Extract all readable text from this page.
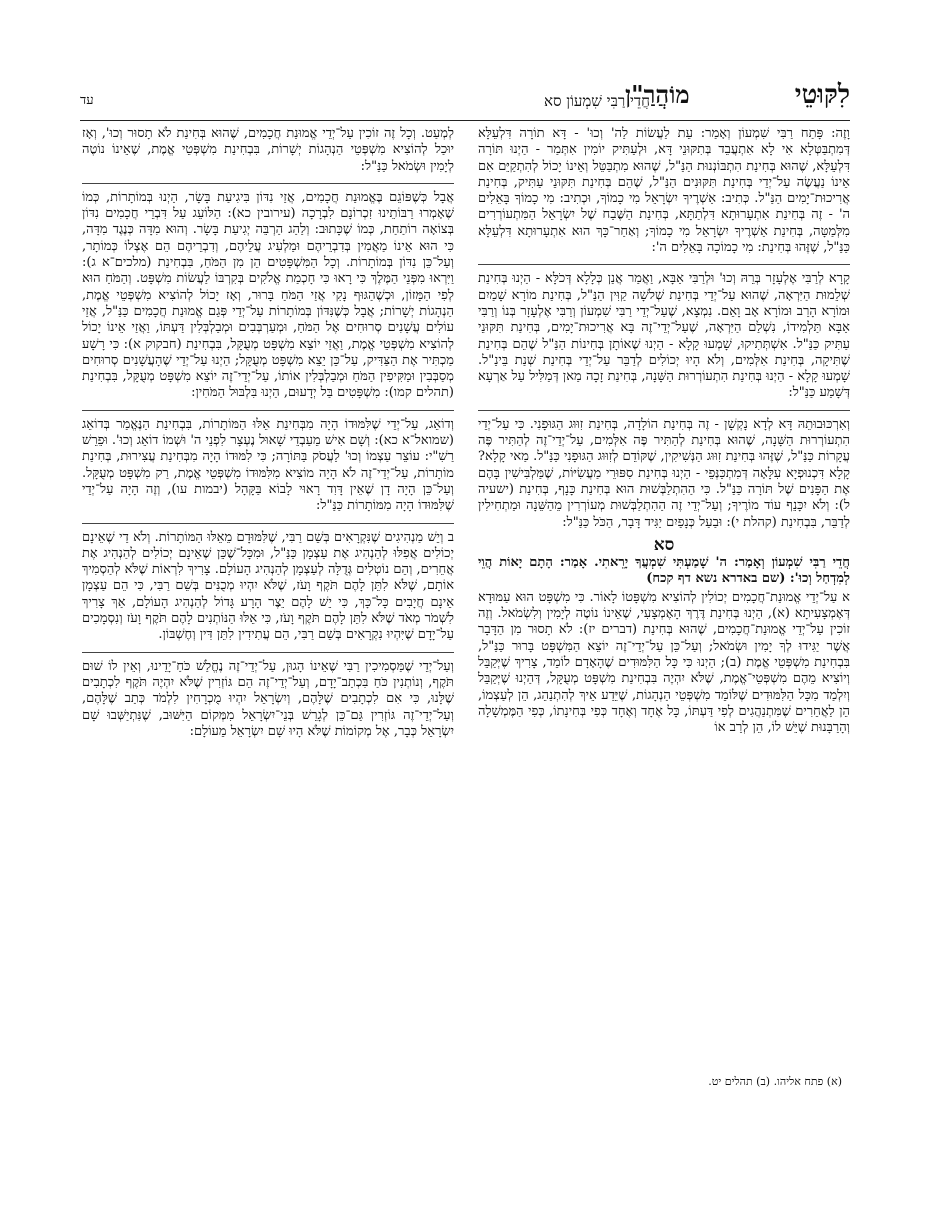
לִקּוּטֵי
חֲדֵי רַבִּי שִׁמְעוֹן סא
מוֹהֲרַ"ן
עד

וָזֶה: פָּתַח רַבִּי שִׁמְעוֹן וְאָמַר: עֵת לַעֲשׂוֹת לַה' וְכוּ' - דָּא תוֹרָה דִּלְעֵלָּא דְּמִתְבַּטְּלָא אִי לָא אִתְעֲבֵד בְּתִקּוּנֵי דָּא, וּלְעַתִּיק יוֹמִין אִתְּמַר - הַיְנוּ תּוֹרָה דִּלְעֵלָּא, שֶׁהוּא בְּחִינַת הִתְבּוֹנְנוּת הַנַּ"ל, שֶׁהוּא מִתְבַּטֵּל וְאֵינוֹ יָכוֹל לְהִתְקַיֵּם אִם אֵינוֹ נַעֲשֶׂה עַל־יְדֵי בְּחִינַת תִּקּוּנִים הַנַּ"ל, שֶׁהֵם בְּחִינַת תִּקּוּנֵי עַתִּיק, בְּחִינַת אֲרִיכוּת־יָמִים הַנַּ"ל. כְּתִיב: אַשְׁרֶיךָ יִשְׂרָאֵל מִי כָמוֹךָ, וּכְתִיב: מִי כָמוֹךָ בָּאֵלִים ה' - זֶה בְּחִינַת אִתְעָרוּתָא דִּלְתַתָּא, בְּחִינַת הַשֶּׁבַח שֶׁל יִשְׂרָאֵל הַמִּתְעוֹרְרִים מִלְּמַטָּה, בְּחִינַת אַשְׁרֶיךָ יִשְׂרָאֵל מִי כָמוֹךָ; וְאַחַר־כָּךְ הוּא אִתְעָרוּתָא דִּלְעֵלָּא כַּנַּ"ל, שֶׁזֶּהוּ בְּחִינַת: מִי כָמוֹכָה בָּאֵלִים ה':

קָרָא לְרַבִּי אֶלְעָזָר בְּרֵהּ וְכוּ' וּלְרַבִּי אַבָּא, וַאֲמַר אֲנַן כְּלָלָא דְּכֹלָּא - הַיְנוּ בְּחִינַת שְׁלֵמוּת הַיִּרְאָה, שֶׁהוּא עַל־יְדֵי בְּחִינַת שְׁלֹשָׁה קַוִּין הַנַּ"ל, בְּחִינַת מוֹרָא שָׁמַיִם וּמוֹרָא הָרַב וּמוֹרָא אָב וָאֵם. נִמְצָא, שֶׁעַל־יְדֵי רַבִּי שִׁמְעוֹן וְרַבִּי אֶלְעָזָר בְּנוֹ וְרַבִּי אַבָּא תַּלְמִידוֹ, נִשְׁלַם הַיִּרְאָה, שֶׁעַל־יְדֵי־זֶה בָּא אֲרִיכוּת־יָמִים, בְּחִינַת תִּקּוּנֵי עַתִּיק כַּנַּ"ל. אִשְׁתְּתִיקוּ, שָׁמְעוּ קָלָא - הַיְנוּ שֶׁאוֹתָן בְּחִינוֹת הַנַּ"ל שֶׁהֵם בְּחִינַת שֶׁתִּיקָה, בְּחִינַת אִלְּמִים, וְלֹא הָיוּ יְכוֹלִים לְדַבֵּר עַל־יְדֵי בְּחִינַת שְׁנַת בֵּינַ"ל. שָׁמְעוּ קָלָא - הַיְנוּ בְּחִינַת הִתְעוֹרְרוּת הַשָּׁנָה, בְּחִינַת זָכָה מַאן דְּמַלִּיל עַל אַרְעָא דְּשָׁמַע כַּנַּ"ל:

וְאִרְכּוּבוּתֵהּ דָּא לְדָא נָקְשָׁן - זֶה בְּחִינַת הוֹלָדָה, בְּחִינַת זִוּוּג הַגּוּפָנִי. כִּי עַל־יְדֵי הִתְעוֹרְרוּת הַשָּׁנָה, שֶׁהוּא בְּחִינַת לְהַתִּיר פֶּה אִלְּמִים, עַל־יְדֵי־זֶה לְהַתִּיר פֶּה עֲקָרוֹת כַּנַּ"ל, שֶׁזֶּהוּ בְּחִינַת זִוּוּג הַנְּשִׁיקִין, שֶׁקּוֹדֵם לְזִוּוּג הַגּוּפָנִי כַּנַּ"ל. מַאי קָלָא? קָלָא דִּכְנוּפְיָא עִלָּאָה דְּמִתְכַּנְּפֵי - הַיְנוּ בְּחִינַת סִפּוּרֵי מַעֲשִׂיּוֹת, שֶׁמַּלְבִּישִׁין בָּהֶם אֶת הַפָּנִים שֶׁל תּוֹרָה כַּנַּ"ל. כִּי הַהִתְלַבְּשׁוּת הוּא בְּחִינַת כָּנָף, בְּחִינַת (ישעיה ל): וְלֹא יִכָּנֵף עוֹד מוֹרֶיךָ; וְעַל־יְדֵי זֶה הַהִתְלַבְּשׁוּת מְעוֹרְרִין מֵהַשֵּׁנָה וּמַתְחִילִין לְדַבֵּר, בִּבְחִינַת (קהלת י): וּבַעַל כְּנָפַיִם יַגִּיד דָּבָר, הַכֹּל כַּנַּ"ל:

סא

חֲדֵי רַבִּי שִׁמְעוֹן וְאָמַר: ה' שָׁמַעְתִּי שִׁמְעֲךָ יָרֵאתִי. אָמַר: הָתָם יָאוֹת הֲוֵי לְמִדְחַל וְכוּ': (שם באדרא נשא דף קכח)

א עַל־יְדֵי אֱמוּנַת־חֲכָמִים יְכוֹלִין לְהוֹצִיא מִשְׁפָּטוֹ לָאוֹר. כִּי מִשְׁפָּט הוּא עַמּוּדָא דְּאֶמְצָעִיתָא (א), הַיְנוּ בְּחִינַת דֶּרֶךְ הָאֶמְצָעִי, שֶׁאֵינוֹ נוֹטֶה לְיָמִין וְלִשְׂמֹאל. וְזֶה זוֹכִין עַל־יְדֵי אֱמוּנַת־חֲכָמִים, שֶׁהוּא בְּחִינַת (דברים יז): לֹא תָסוּר מִן הַדָּבָר אֲשֶׁר יַגִּידוּ לְךָ יָמִין וּשְׂמֹאל; וְעַל־כֵּן עַל־יְדֵי־זֶה יוֹצֵא הַמִּשְׁפָּט בָּרוּר כַּנַּ"ל, בִּבְחִינַת מִשְׁפְּטֵי אֱמֶת (ב); הַיְנוּ כִּי כָּל הַלִּמּוּדִים שֶׁהָאָדָם לוֹמֵד, צָרִיךְ שֶׁיְּקַבֵּל וְיוֹצִיא מֵהֶם מִשְׁפְּטֵי־אֱמֶת, שֶׁלֹּא יִהְיֶה בִּבְחִינַת מִשְׁפָּט מְעֻקָּל, דְּהַיְנוּ שֶׁיְּקַבֵּל וְיִלְמַד מִכָּל הַלִּמּוּדִים שֶׁלּוֹמֵד מִשְׁפְּטֵי הַנְהָגוֹת, שֶׁיֵּדַע אֵיךְ לְהִתְנַהֵג, הֵן לְעַצְמוֹ, הֵן לַאֲחֵרִים שֶׁמִּתְנַהֲגִים לְפִי דַּעְתּוֹ, כָּל אֶחָד וְאֶחָד כְּפִי בְּחִינָתוֹ, כְּפִי הַמֶּמְשָׁלָה וְהָרַבָּנוּת שֶׁיֵּשׁ לוֹ, הֵן לְרַב אוֹ

לְמְעַט. וְכָל זֶה זוֹכִין עַל־יְדֵי אֱמוּנַת חֲכָמִים, שֶׁהוּא בְּחִינַת לֹא תָסוּר וְכוּ', וְאָז יוּכַל לְהוֹצִיא מִשְׁפְּטֵי הַנְהָגוֹת יְשָׁרוֹת, בִּבְחִינַת מִשְׁפְּטֵי אֱמֶת, שֶׁאֵינוֹ נוֹטֶה לְיָמִין וּשְׂמֹאל כַּנַּ"ל:

אֲבָל כְּשֶׁפּוֹגֵם בֶּאֱמוּנַת חֲכָמִים, אֲזַי נִדּוֹן בִּיגִיעַת בָּשָׂר, הַיְנוּ בְּמוֹתָרוֹת, כְּמוֹ שֶׁאָמְרוּ רַבּוֹתֵינוּ זִכְרוֹנָם לִבְרָכָה (עירובין כא): הַלּוֹעֵג עַל דִּבְרֵי חֲכָמִים נִדּוֹן בְּצוֹאָה רוֹתַחַת, כְּמוֹ שֶׁכָּתוּב: וְלַהַג הַרְבֵּה יְגִיעַת בָּשָׂר. וְהוּא מִדָּה כְּנֶגֶד מִדָּה, כִּי הוּא אֵינוֹ מַאֲמִין בְּדִבְרֵיהֶם וּמַלְעִיג עֲלֵיהֶם, וְדִבְרֵיהֶם הֵם אֶצְלוֹ כְּמוֹתָר, וְעַל־כֵּן נִדּוֹן בְּמוֹתָרוֹת. וְכָל הַמִּשְׁפָּטִים הֵן מִן הַמֹּחַ, בִּבְחִינַת (מלכים־א ג): וַיִּרְאוּ מִפְּנֵי הַמֶּלֶךְ כִּי רָאוּ כִּי חָכְמַת אֱלֹקִים בְּקִרְבּוֹ לַעֲשׂוֹת מִשְׁפָּט. וְהַמֹּחַ הוּא לְפִי הַמָּזוֹן, וּכְשֶׁהַגּוּף נָקִי אֲזַי הַמֹּחַ בָּרוּר, וְאָז יָכוֹל לְהוֹצִיא מִשְׁפְּטֵי אֱמֶת, הַנְהָגוֹת יְשָׁרוֹת; אֲבָל כְּשֶׁנִּדּוֹן בְּמוֹתָרוֹת עַל־יְדֵי פְּגַם אֱמוּנַת חֲכָמִים כַּנַּ"ל, אֲזַי עוֹלִים עֲשָׁנִים סְרוּחִים אֶל הַמֹּחַ, וּמְעַרְבְּבִים וּמְבַלְבְּלִין דַּעְתּוֹ, וַאֲזַי אֵינוֹ יָכוֹל לְהוֹצִיא מִשְׁפְּטֵי אֱמֶת, וַאֲזַי יוֹצֵא מִשְׁפָּט מְעֻקָּל, בִּבְחִינַת (חבקוק א): כִּי רָשָׁע מַכְתִּיר אֶת הַצַּדִּיק, עַל־כֵּן יֵצֵא מִשְׁפָּט מְעֻקָּל; הַיְנוּ עַל־יְדֵי שֶׁהָעֲשָׁנִים סְרוּחִים מְסַבְּבִין וּמַקִּיפִין הַמֹּחַ וּמְבַלְבְּלִין אוֹתוֹ, עַל־יְדֵי־זֶה יוֹצֵא מִשְׁפָּט מְעֻקָּל, בִּבְחִינַת (תהלים קמו): מִשְׁפָּטִים בַּל יְדָעוּם, הַיְנוּ בִּלְבּוּל הַמֹּחִין:

וְדוֹאֵג, עַל־יְדֵי שֶׁלִּמּוּדוֹ הָיָה מִבְּחִינַת אֵלּוּ הַמּוֹתָרוֹת, בִּבְחִינַת הַנֶּאֱמַר בְּדוֹאֵג (שמואל־א כא): וְשָׁם אִישׁ מֵעַבְדֵי שָׁאוּל נֶעְצָר לִפְנֵי ה' וּשְׁמוֹ דוֹאֵג וְכוּ'. וּפֵרֵשׁ רַשִׁ"י: עוֹצֵר עַצְמוֹ וְכוּ' לַעֲסֹק בַּתּוֹרָה; כִּי לִמּוּדוֹ הָיָה מִבְּחִינַת עֲצִירוּת, בְּחִינַת מוֹתָרוֹת, עַל־יְדֵי־זֶה לֹא הָיָה מוֹצִיא מִלִּמּוּדוֹ מִשְׁפְּטֵי אֱמֶת, רַק מִשְׁפָּט מְעֻקָּל. וְעַל־כֵּן הָיָה דָן שֶׁאֵין דָּוִד רָאוּי לָבוֹא בַּקָּהָל (יבמות עו), וְזֶה הָיָה עַל־יְדֵי שֶׁלִּמּוּדוֹ הָיָה מִמּוֹתָרוֹת כַּנַּ"ל:

ב וְיֵשׁ מַנְהִיגִים שֶׁנִּקְרָאִים בְּשֵׁם רַבִּי, שֶׁלִּמּוּדָם מֵאֵלּוּ הַמּוֹתָרוֹת. וְלֹא דַי שֶׁאֵינָם יְכוֹלִים אֲפִלּוּ לְהַנְהִיג אֶת עַצְמָן כַּנַּ"ל, וּמִכָּל־שֶׁכֵּן שֶׁאֵינָם יְכוֹלִים לְהַנְהִיג אֶת אֲחֵרִים, וְהֵם נוֹטְלִים גְּדֻלָּה לְעַצְמָן לְהַנְהִיג הָעוֹלָם. צָרִיךְ לִרְאוֹת שֶׁלֹּא לְהַסְמִיךְ אוֹתָם, שֶׁלֹּא לִתֵּן לָהֶם תֹּקֶף וָעֹז, שֶׁלֹּא יִהְיוּ מְכֻנִּים בְּשֵׁם רַבִּי, כִּי הֵם עַצְמָן אֵינָם חֲיָבִים כָּל־כָּךְ, כִּי יֵשׁ לָהֶם יֵצֶר הָרָע גָּדוֹל לְהַנְהִיג הָעוֹלָם, אַךְ צָרִיךְ לִשְׁמֹר מְאֹד שֶׁלֹּא לִתֵּן לָהֶם תֹּקֶף וָעֹז, כִּי אֵלּוּ הַנּוֹתְנִים לָהֶם תֹּקֶף וָעֹז וְנִסְמָכִים עַל־יָדָם שֶׁיִּהְיוּ נִקְרָאִים בְּשֵׁם רַבִּי, הֵם עֲתִידִין לִתֵּן דִּין וְחֶשְׁבּוֹן.

וְעַל־יְדֵי שֶׁמַּסְמִיכִין רַבִּי שֶׁאֵינוֹ הָגוּן, עַל־יְדֵי־זֶה נֶחֱלַשׁ כֹּחַ־יָדֵינוּ, וְאֵין לוֹ שׁוּם תֹּקֶף, וְנוֹתְנִין כֹּחַ בִּכְתַב־יָדָם, וְעַל־יְדֵי־זֶה הֵם גּוֹזְרִין שֶׁלֹּא יִהְיֶה תֹּקֶף לִכְתָבִים שֶׁלָּנוּ, כִּי אִם לִכְתָבִים שֶׁלָּהֶם, וְיִשְׂרָאֵל יִהְיוּ מֻכְרָחִין לִלְמֹד כְּתַב שֶׁלָּהֶם, וְעַל־יְדֵי־זֶה גּוֹזְרִין גַּם־כֵּן לְגָרֵשׁ בְּנֵי־יִשְׂרָאֵל מִמְּקוֹם הַיִּשּׁוּב, שֶׁנִּתְיַשְּׁבוּ שָׁם יִשְׂרָאֵל כְּבָר, אֶל מְקוֹמוֹת שֶׁלֹּא הָיוּ שָׁם יִשְׂרָאֵל מֵעוֹלָם:

(א) פתח אליהו. (ב) תהלים יט.
